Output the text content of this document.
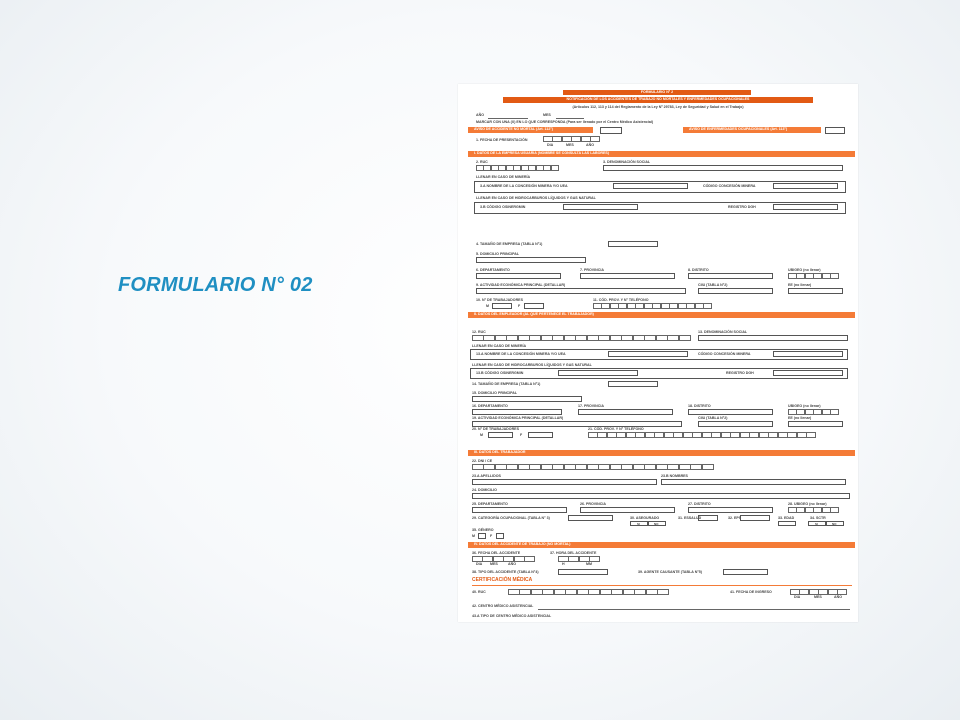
FORMULARIO N° 02
FORMULARIO Nº 2
NOTIFICACIÓN DE LOS ACCIDENTES DE TRABAJO NO MORTALES Y ENFERMEDADES OCUPACIONALES
(Artículos 112, 113 y 114 del Reglamento de la Ley Nº 29783, Ley de Seguridad y Salud en el Trabajo)
AÑO	MES
MARCAR CON UNA (X) EN LO QUE CORRESPONDA (Para ser llenado por el Centro Médico Asistencial)
AVISO DE ACCIDENTE NO MORTAL (Art. 112°)	AVISO DE ENFERMEDADES OCUPACIONALES (Art. 113°)
1. FECHA DE PRESENTACIÓN
DIA	MES	AÑO
I. DATOS DE LA EMPRESA USUARIA (NOMBRE SE CONSULTA LAS LABORES)
2. RUC	3. DENOMINACIÓN SOCIAL
LLENAR EN CASO DE MINERÍA
3.A NOMBRE DE LA CONCESIÓN MINERA Y/O UEA	CÓDIGO CONCESIÓN MINERA
LLENAR EN CASO DE HIDROCARBUROS LÍQUIDOS Y GAS NATURAL
3.B CÓDIGO OSINERGMIN	REGISTRO DGH
4. TAMAÑO DE EMPRESA (TABLA N°1)
5. DOMICILIO PRINCIPAL
6. DEPARTAMENTO	7. PROVINCIA	8. DISTRITO	UBIGEO (no llenar)
9. ACTIVIDAD ECONÓMICA PRINCIPAL (DETALLAR)	CIIU (TABLA N°2)	EE (no llenar)
10. N° DE TRABAJADORES
M	F
11. CÓD. PROV. Y N° TELÉFONO
II. DATOS DEL EMPLEADOR (AL QUE PERTENECE EL TRABAJADOR)
12. RUC	13. DENOMINACIÓN SOCIAL
LLENAR EN CASO DE MINERÍA
13.A NOMBRE DE LA CONCESIÓN MINERA Y/O UEA	CÓDIGO CONCESIÓN MINERA
LLENAR EN CASO DE HIDROCARBUROS LÍQUIDOS Y GAS NATURAL
13.B CÓDIGO OSINERGMIN	REGISTRO DGH
14. TAMAÑO DE EMPRESA (TABLA N°1)
15. DOMICILIO PRINCIPAL
16. DEPARTAMENTO	17. PROVINCIA	18. DISTRITO	UBIGEO (no llenar)
19. ACTIVIDAD ECONÓMICA PRINCIPAL (DETALLAR)	CIIU (TABLA N°2)	EE (no llenar)
20. N° DE TRABAJADORES
M	F
21. CÓD. PROV. Y N° TELÉFONO
III. DATOS DEL TRABAJADOR
22. DNI / CE
23.A APELLIDOS	23.B NOMBRES
24. DOMICILIO
25. DEPARTAMENTO	26. PROVINCIA	27. DISTRITO	28. UBIGEO (no llenar)
29. CATEGORÍA OCUPACIONAL (TABLA N° 3)	30. ASEGURADO
SI	NO
31. ESSALUD	32. EPS	33. EDAD	34. SCTR
SI	NO
35. GÉNERO
M	F
IV. DATOS DEL ACCIDENTE DE TRABAJO (NO MORTAL)
36. FECHA DEL ACCIDENTE
DIA MES	AÑO
37. HORA DEL ACCIDENTE
H	MM
38. TIPO DEL ACCIDENTE (TABLA N°4)	39. AGENTE CAUSANTE (TABLA N°5)
CERTIFICACIÓN MÉDICA
40. RUC	41. FECHA DE INGRESO
DIA	MES	AÑO
42. CENTRO MÉDICO ASISTENCIAL
43.A TIPO DE CENTRO MÉDICO ASISTENCIAL
